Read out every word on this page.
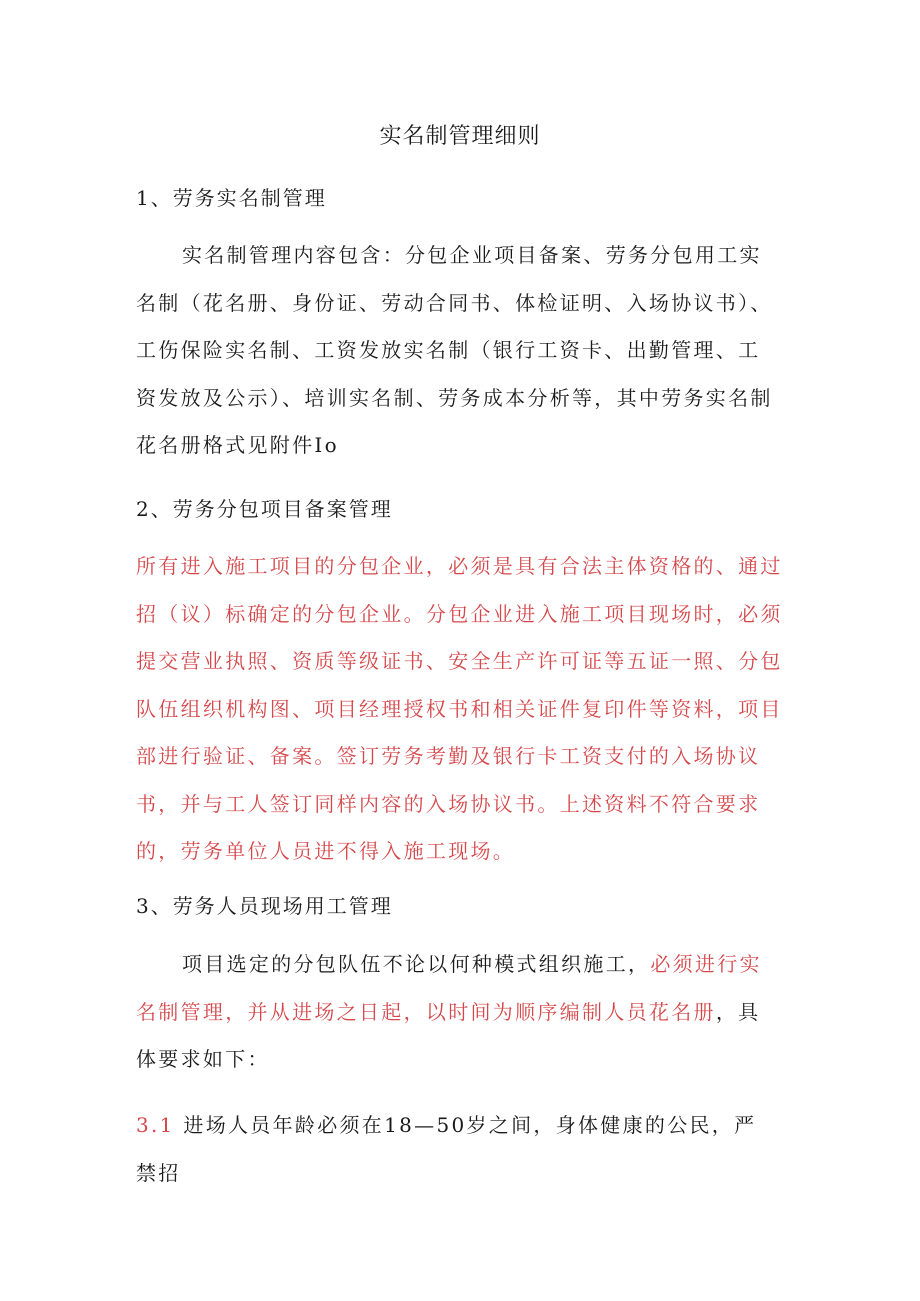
实名制管理细则
1、劳务实名制管理

实名制管理内容包含：分包企业项目备案、劳务分包用工实名制（花名册、身份证、劳动合同书、体检证明、入场协议书）、工伤保险实名制、工资发放实名制（银行工资卡、出勤管理、工资发放及公示）、培训实名制、劳务成本分析等，其中劳务实名制花名册格式见附件Io

2、劳务分包项目备案管理
所有进入施工项目的分包企业，必须是具有合法主体资格的、通过
招（议）标确定的分包企业。分包企业进入施工项目现场时，必须
提交营业执照、资质等级证书、安全生产许可证等五证一照、分包
队伍组织机构图、项目经理授权书和相关证件复印件等资料，项目
部进行验证、备案。签订劳务考勤及银行卡工资支付的入场协议
书，并与工人签订同样内容的入场协议书。上述资料不符合要求
的，劳务单位人员进不得入施工现场。
3、劳务人员现场用工管理

项目选定的分包队伍不论以何种模式组织施工，必须进行实名制管理，并从进场之日起，以时间为顺序编制人员花名册，具体要求如下：

3.1 进场人员年龄必须在18—50岁之间，身体健康的公民，严禁招
